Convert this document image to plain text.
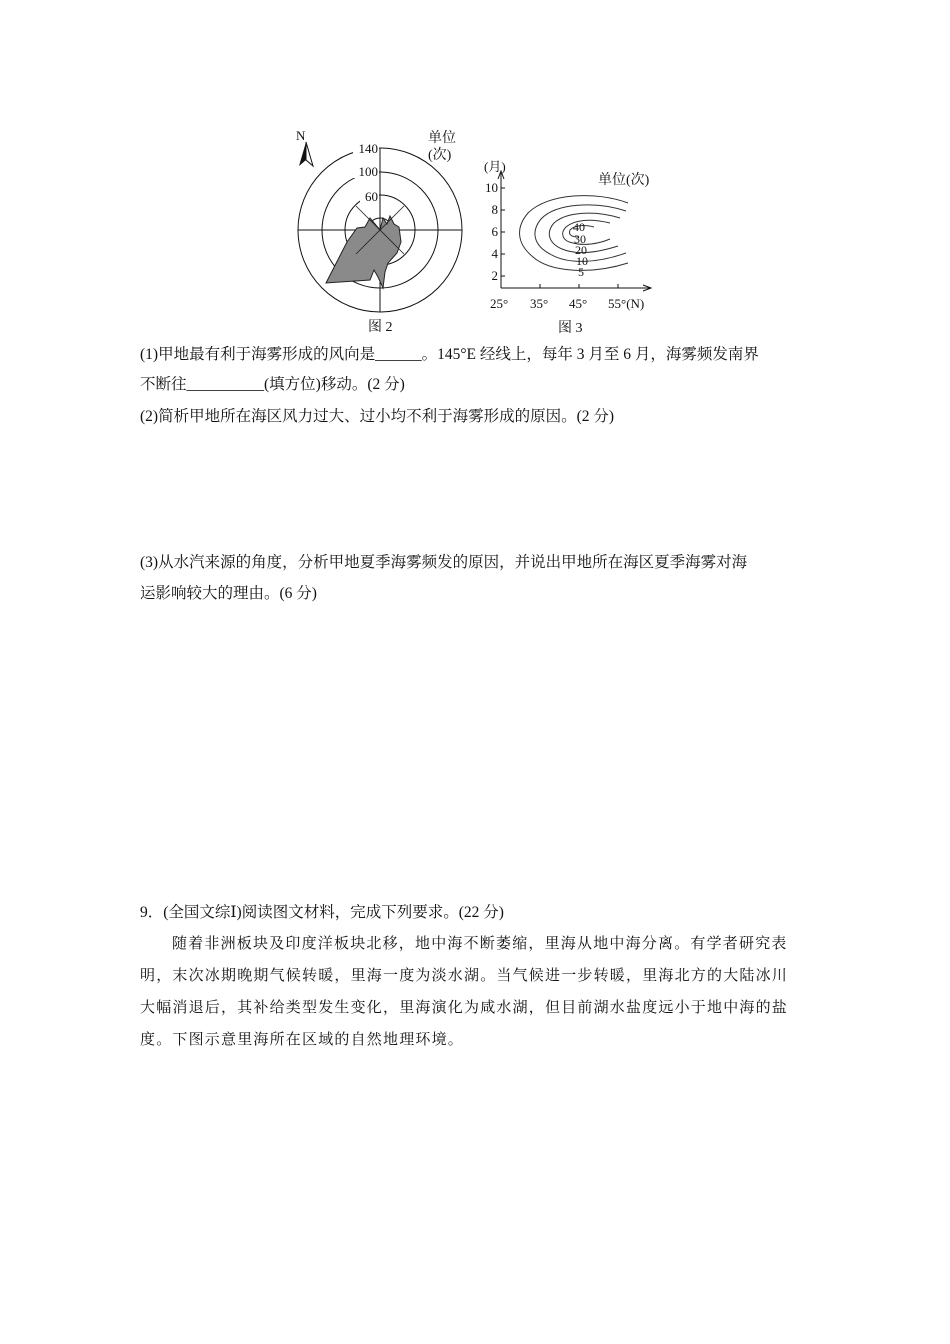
N
140
100
60
单位
(次)
图 2
(月)
10
8
6
4
2
25° 35° 45° 55°(N)
单位(次)
40
30
20
10
5
图 3
(1)甲地最有利于海雾形成的风向是______。145°E 经线上，每年 3 月至 6 月，海雾频发南界
不断往__________(填方位)移动。(2 分)
(2)简析甲地所在海区风力过大、过小均不利于海雾形成的原因。(2 分)
(3)从水汽来源的角度，分析甲地夏季海雾频发的原因，并说出甲地所在海区夏季海雾对海
运影响较大的理由。(6 分)
9．(全国文综Ⅰ)阅读图文材料，完成下列要求。(22 分)
随着非洲板块及印度洋板块北移，地中海不断萎缩，里海从地中海分离。有学者研究表
明，末次冰期晚期气候转暖，里海一度为淡水湖。当气候进一步转暖，里海北方的大陆冰川
大幅消退后，其补给类型发生变化，里海演化为咸水湖，但目前湖水盐度远小于地中海的盐
度。下图示意里海所在区域的自然地理环境。
